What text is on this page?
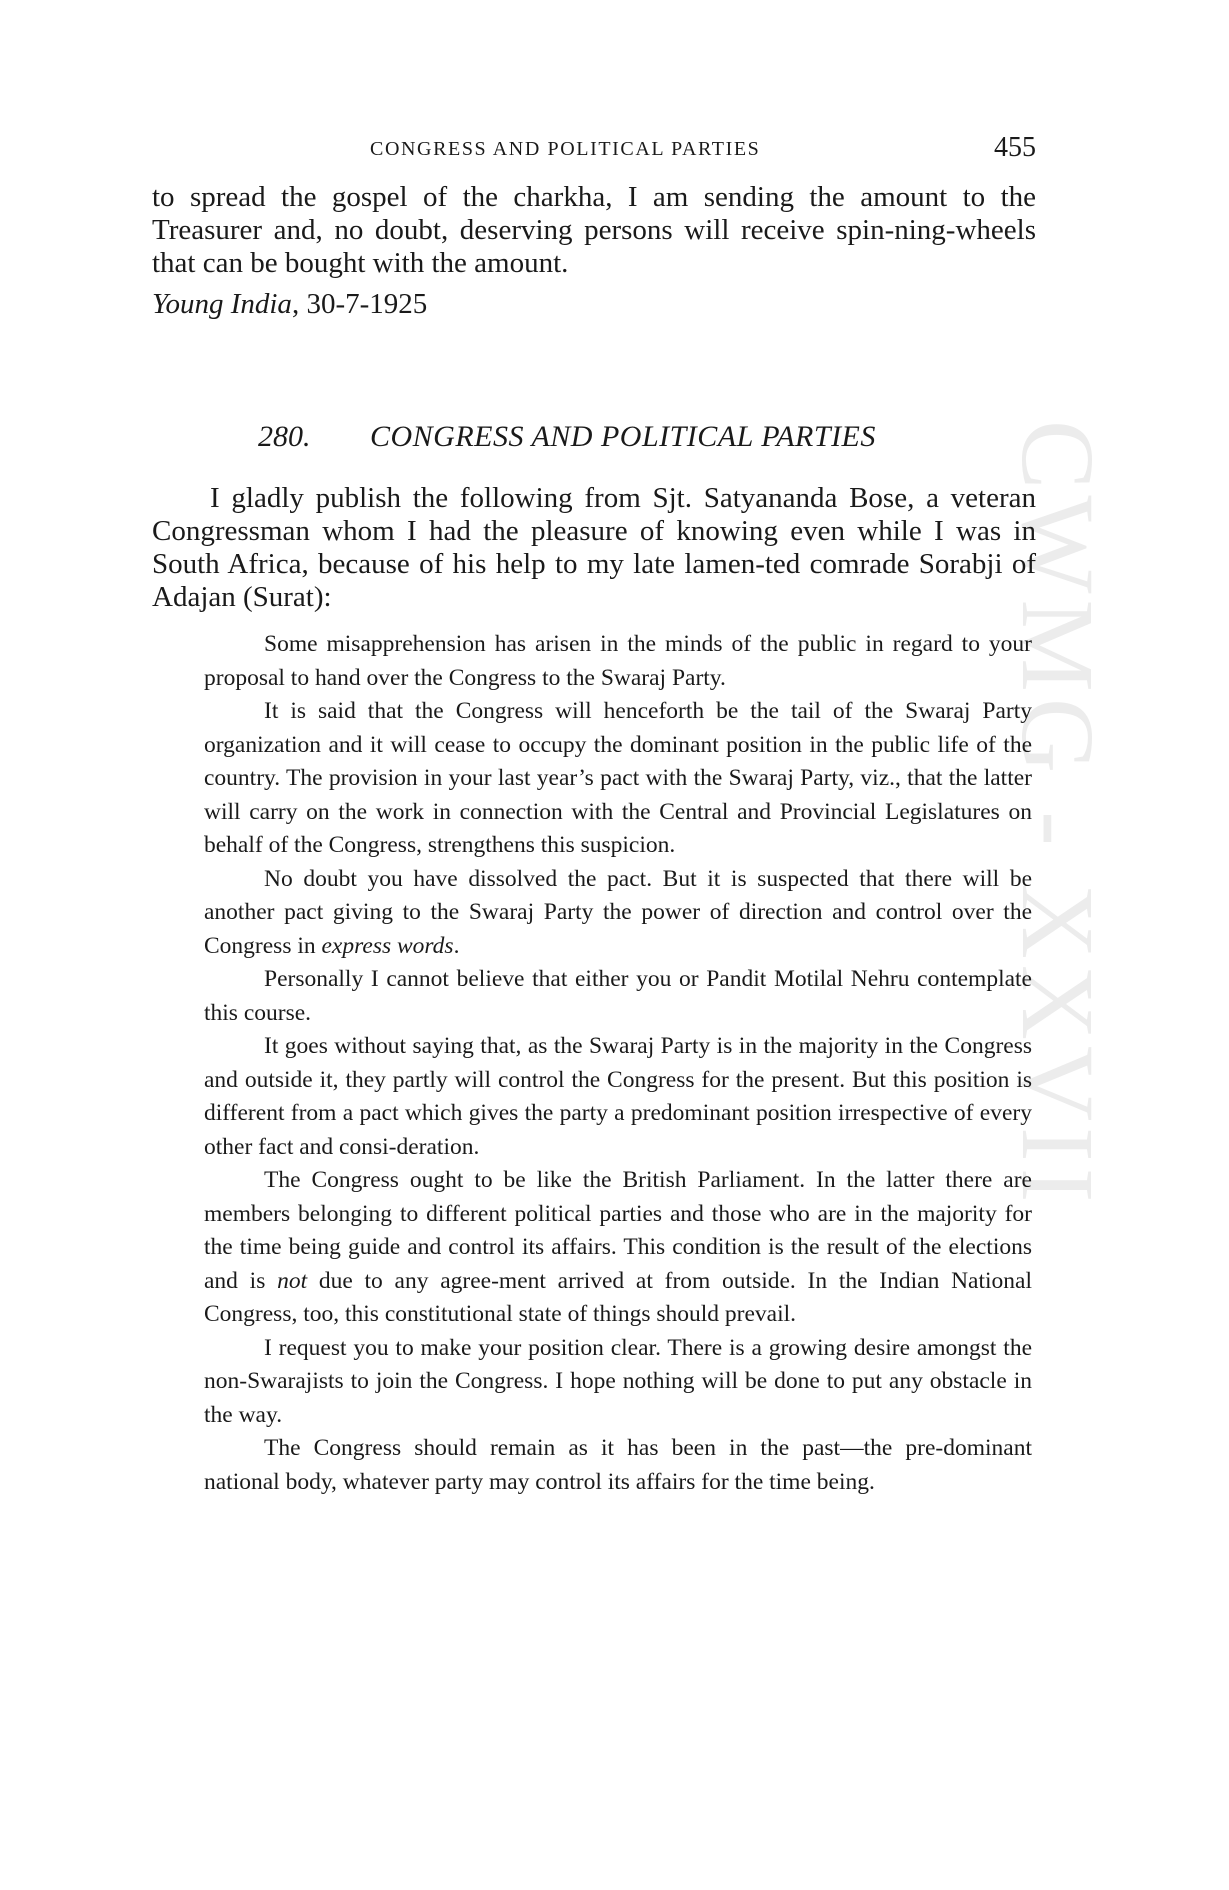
CWMG - XXVII
CONGRESS AND POLITICAL PARTIES	455

to spread the gospel of the charkha, I am sending the amount to the Treasurer and, no doubt, deserving persons will receive spin-ning-wheels that can be bought with the amount.

Young India, 30-7-1925
280. CONGRESS AND POLITICAL PARTIES

I gladly publish the following from Sjt. Satyananda Bose, a veteran Congressman whom I had the pleasure of knowing even while I was in South Africa, because of his help to my late lamen-ted comrade Sorabji of Adajan (Surat):

Some misapprehension has arisen in the minds of the public in regard to your proposal to hand over the Congress to the Swaraj Party.

It is said that the Congress will henceforth be the tail of the Swaraj Party organization and it will cease to occupy the dominant position in the public life of the country. The provision in your last year’s pact with the Swaraj Party, viz., that the latter will carry on the work in connection with the Central and Provincial Legislatures on behalf of the Congress, strengthens this suspicion.

No doubt you have dissolved the pact. But it is suspected that there will be another pact giving to the Swaraj Party the power of direction and control over the Congress in express words.

Personally I cannot believe that either you or Pandit Motilal Nehru contemplate this course.

It goes without saying that, as the Swaraj Party is in the majority in the Congress and outside it, they partly will control the Congress for the present. But this position is different from a pact which gives the party a predominant position irrespective of every other fact and consi-deration.

The Congress ought to be like the British Parliament. In the latter there are members belonging to different political parties and those who are in the majority for the time being guide and control its affairs. This condition is the result of the elections and is not due to any agree-ment arrived at from outside. In the Indian National Congress, too, this constitutional state of things should prevail.

I request you to make your position clear. There is a growing desire amongst the non-Swarajists to join the Congress. I hope nothing will be done to put any obstacle in the way.

The Congress should remain as it has been in the past—the pre-dominant national body, whatever party may control its affairs for the time being.
